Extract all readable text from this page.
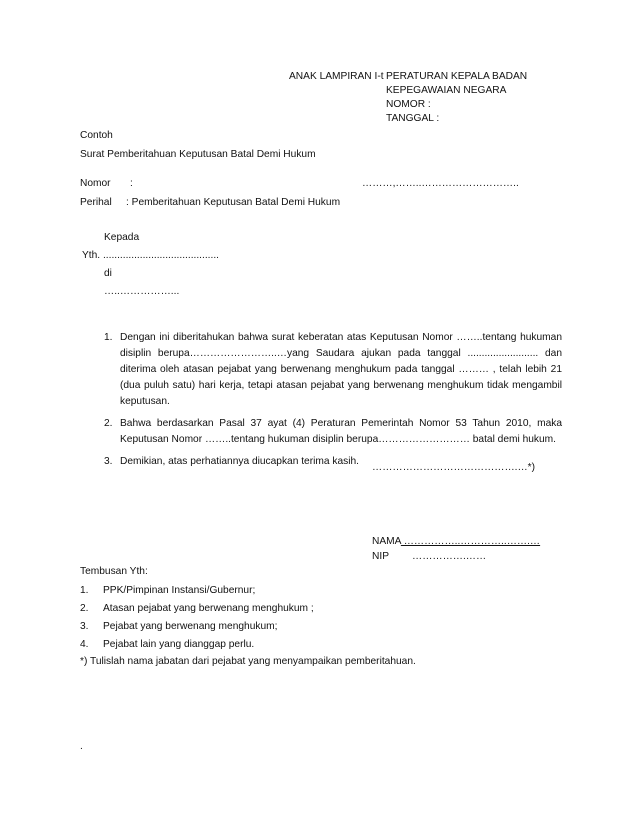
ANAK LAMPIRAN I-t PERATURAN KEPALA BADAN
KEPEGAWAIAN NEGARA
NOMOR :
TANGGAL :
Contoh
Surat Pemberitahuan Keputusan Batal Demi Hukum
Nomor :	………,……..………………………..
Perihal : Pemberitahuan Keputusan Batal Demi Hukum
Kepada
Yth. .........................................
di
…..……………...
1. Dengan ini diberitahukan bahwa surat keberatan atas Keputusan Nomor ……..tentang hukuman disiplin berupa……………………..…yang Saudara ajukan pada tanggal ......................... dan diterima oleh atasan pejabat yang berwenang menghukum pada tanggal ……… , telah lebih 21 (dua puluh satu) hari kerja, tetapi atasan pejabat yang berwenang menghukum tidak mengambil keputusan.
2. Bahwa berdasarkan Pasal 37 ayat (4) Peraturan Pemerintah Nomor 53 Tahun 2010, maka Keputusan Nomor ……..tentang hukuman disiplin berupa……………………… batal demi hukum.
3. Demikian, atas perhatiannya diucapkan terima kasih.
…………………………………….…*)
NAMA ……………..…………..…….…
NIP …………….……
Tembusan Yth:
1. PPK/Pimpinan Instansi/Gubernur;
2. Atasan pejabat yang berwenang menghukum ;
3. Pejabat yang berwenang menghukum;
4. Pejabat lain yang dianggap perlu.
*) Tulislah nama jabatan dari pejabat yang menyampaikan pemberitahuan.
.
